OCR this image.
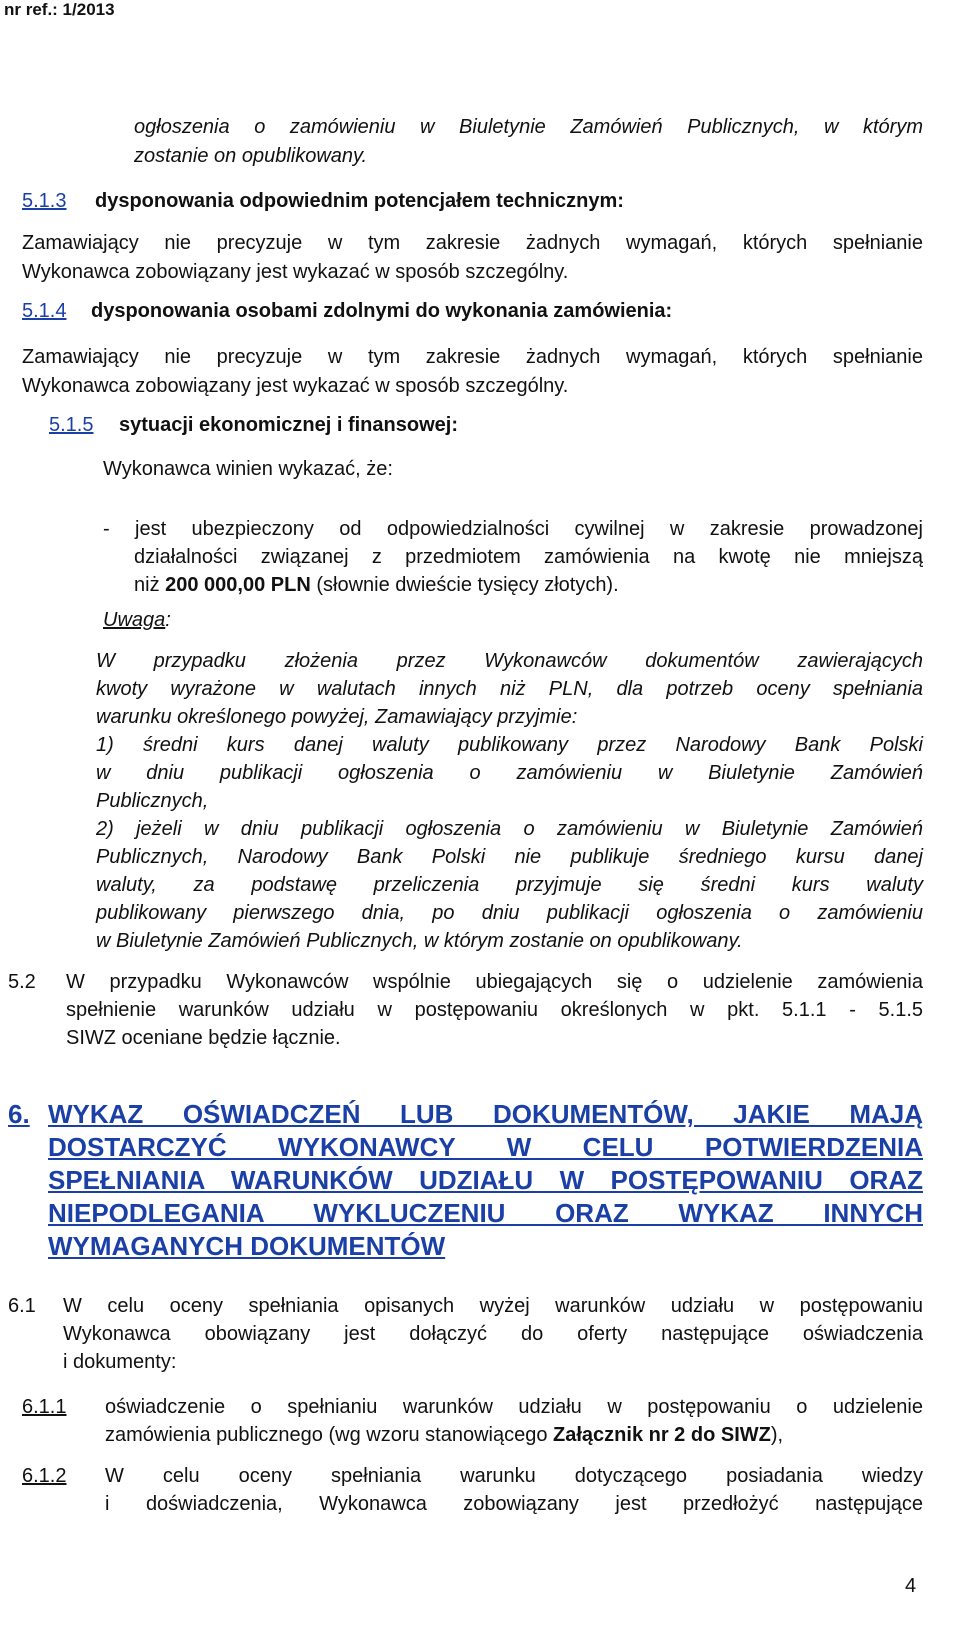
nr ref.: 1/2013
ogłoszenia o zamówieniu w Biuletynie Zamówień Publicznych, w którym
zostanie on opublikowany.
5.1.3 dysponowania odpowiednim potencjałem technicznym:
Zamawiający nie precyzuje w tym zakresie żadnych wymagań, których spełnianie
Wykonawca zobowiązany jest wykazać w sposób szczególny.
5.1.4 dysponowania osobami zdolnymi do wykonania zamówienia:
Zamawiający nie precyzuje w tym zakresie żadnych wymagań, których spełnianie
Wykonawca zobowiązany jest wykazać w sposób szczególny.
5.1.5 sytuacji ekonomicznej i finansowej:
Wykonawca winien wykazać, że:
- jest ubezpieczony od odpowiedzialności cywilnej w zakresie prowadzonej
działalności związanej z przedmiotem zamówienia na kwotę nie mniejszą
niż 200 000,00 PLN (słownie dwieście tysięcy złotych).
Uwaga:
W przypadku złożenia przez Wykonawców dokumentów zawierających
kwoty wyrażone w walutach innych niż PLN, dla potrzeb oceny spełniania
warunku określonego powyżej, Zamawiający przyjmie:
1) średni kurs danej waluty publikowany przez Narodowy Bank Polski
w dniu publikacji ogłoszenia o zamówieniu w Biuletynie Zamówień
Publicznych,
2) jeżeli w dniu publikacji ogłoszenia o zamówieniu w Biuletynie Zamówień
Publicznych, Narodowy Bank Polski nie publikuje średniego kursu danej
waluty, za podstawę przeliczenia przyjmuje się średni kurs waluty
publikowany pierwszego dnia, po dniu publikacji ogłoszenia o zamówieniu
w Biuletynie Zamówień Publicznych, w którym zostanie on opublikowany.
5.2 W przypadku Wykonawców wspólnie ubiegających się o udzielenie zamówienia
spełnienie warunków udziału w postępowaniu określonych w pkt. 5.1.1 - 5.1.5
SIWZ oceniane będzie łącznie.
6. WYKAZ OŚWIADCZEŃ LUB DOKUMENTÓW, JAKIE MAJĄ
DOSTARCZYĆ WYKONAWCY W CELU POTWIERDZENIA
SPEŁNIANIA WARUNKÓW UDZIAŁU W POSTĘPOWANIU ORAZ
NIEPODLEGANIA WYKLUCZENIU ORAZ WYKAZ INNYCH
WYMAGANYCH DOKUMENTÓW
6.1 W celu oceny spełniania opisanych wyżej warunków udziału w postępowaniu
Wykonawca obowiązany jest dołączyć do oferty następujące oświadczenia
i dokumenty:
6.1.1 oświadczenie o spełnianiu warunków udziału w postępowaniu o udzielenie
zamówienia publicznego (wg wzoru stanowiącego Załącznik nr 2 do SIWZ),
6.1.2 W celu oceny spełniania warunku dotyczącego posiadania wiedzy
i doświadczenia, Wykonawca zobowiązany jest przedłożyć następujące
4
